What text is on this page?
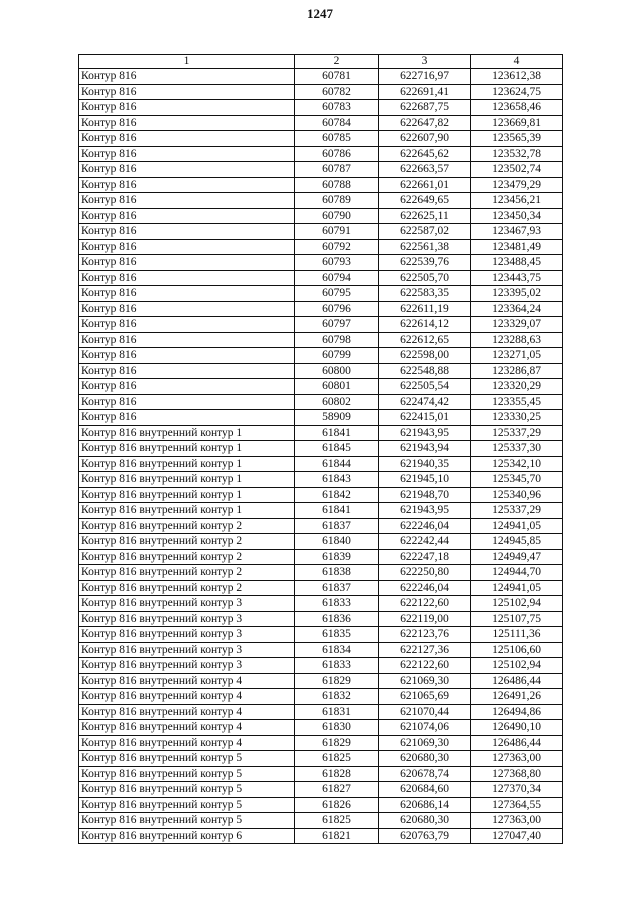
1247
1	2	3	4
Контур 816	60781	622716,97	123612,38
Контур 816	60782	622691,41	123624,75
Контур 816	60783	622687,75	123658,46
Контур 816	60784	622647,82	123669,81
Контур 816	60785	622607,90	123565,39
Контур 816	60786	622645,62	123532,78
Контур 816	60787	622663,57	123502,74
Контур 816	60788	622661,01	123479,29
Контур 816	60789	622649,65	123456,21
Контур 816	60790	622625,11	123450,34
Контур 816	60791	622587,02	123467,93
Контур 816	60792	622561,38	123481,49
Контур 816	60793	622539,76	123488,45
Контур 816	60794	622505,70	123443,75
Контур 816	60795	622583,35	123395,02
Контур 816	60796	622611,19	123364,24
Контур 816	60797	622614,12	123329,07
Контур 816	60798	622612,65	123288,63
Контур 816	60799	622598,00	123271,05
Контур 816	60800	622548,88	123286,87
Контур 816	60801	622505,54	123320,29
Контур 816	60802	622474,42	123355,45
Контур 816	58909	622415,01	123330,25
Контур 816 внутренний контур 1	61841	621943,95	125337,29
Контур 816 внутренний контур 1	61845	621943,94	125337,30
Контур 816 внутренний контур 1	61844	621940,35	125342,10
Контур 816 внутренний контур 1	61843	621945,10	125345,70
Контур 816 внутренний контур 1	61842	621948,70	125340,96
Контур 816 внутренний контур 1	61841	621943,95	125337,29
Контур 816 внутренний контур 2	61837	622246,04	124941,05
Контур 816 внутренний контур 2	61840	622242,44	124945,85
Контур 816 внутренний контур 2	61839	622247,18	124949,47
Контур 816 внутренний контур 2	61838	622250,80	124944,70
Контур 816 внутренний контур 2	61837	622246,04	124941,05
Контур 816 внутренний контур 3	61833	622122,60	125102,94
Контур 816 внутренний контур 3	61836	622119,00	125107,75
Контур 816 внутренний контур 3	61835	622123,76	125111,36
Контур 816 внутренний контур 3	61834	622127,36	125106,60
Контур 816 внутренний контур 3	61833	622122,60	125102,94
Контур 816 внутренний контур 4	61829	621069,30	126486,44
Контур 816 внутренний контур 4	61832	621065,69	126491,26
Контур 816 внутренний контур 4	61831	621070,44	126494,86
Контур 816 внутренний контур 4	61830	621074,06	126490,10
Контур 816 внутренний контур 4	61829	621069,30	126486,44
Контур 816 внутренний контур 5	61825	620680,30	127363,00
Контур 816 внутренний контур 5	61828	620678,74	127368,80
Контур 816 внутренний контур 5	61827	620684,60	127370,34
Контур 816 внутренний контур 5	61826	620686,14	127364,55
Контур 816 внутренний контур 5	61825	620680,30	127363,00
Контур 816 внутренний контур 6	61821	620763,79	127047,40
